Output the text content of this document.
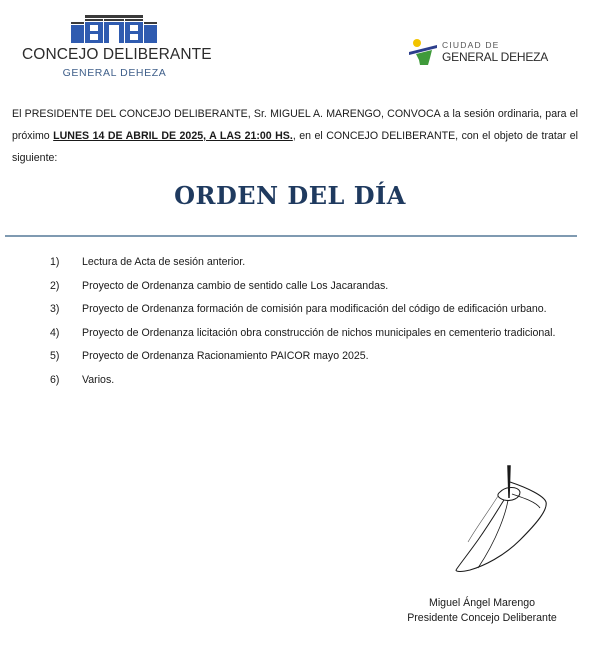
CONCEJO DELIBERANTE
GENERAL DEHEZA
CIUDAD DE
GENERAL DEHEZA

El PRESIDENTE DEL CONCEJO DELIBERANTE, Sr. MIGUEL A. MARENGO, CONVOCA a la sesión ordinaria, para el próximo LUNES 14 DE ABRIL DE 2025, A LAS 21:00 HS., en el CONCEJO DELIBERANTE, con el objeto de tratar el siguiente:

ORDEN DEL DÍA
1) Lectura de Acta de sesión anterior.
2) Proyecto de Ordenanza cambio de sentido calle Los Jacarandas.
3) Proyecto de Ordenanza formación de comisión para modificación del código de edificación urbano.
4) Proyecto de Ordenanza licitación obra construcción de nichos municipales en cementerio tradicional.
5) Proyecto de Ordenanza Racionamiento PAICOR mayo 2025.
6) Varios.
Miguel Ángel Marengo
Presidente Concejo Deliberante
